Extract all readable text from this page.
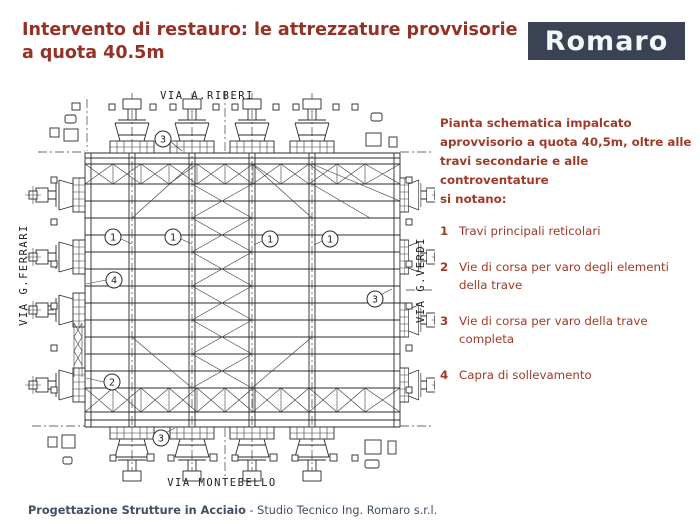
Intervento di restauro: le attrezzature provvisorie a quota 40.5m	Romaro
3
1	1	1	1
4
2
3
3
VIA A.RIBERI
VIA MONTEBELLO
VIA G.FERRARI	VIA G.VERDI
Pianta schematica impalcato
aprovvisorio a quota 40,5m, oltre alle
travi secondarie e alle controventature
si notano:
1 Travi principali reticolari
2 Vie di corsa per varo degli elementi della trave
3 Vie di corsa per varo della trave completa
4 Capra di sollevamento
Progettazione Strutture in Acciaio - Studio Tecnico Ing. Romaro s.r.l.
